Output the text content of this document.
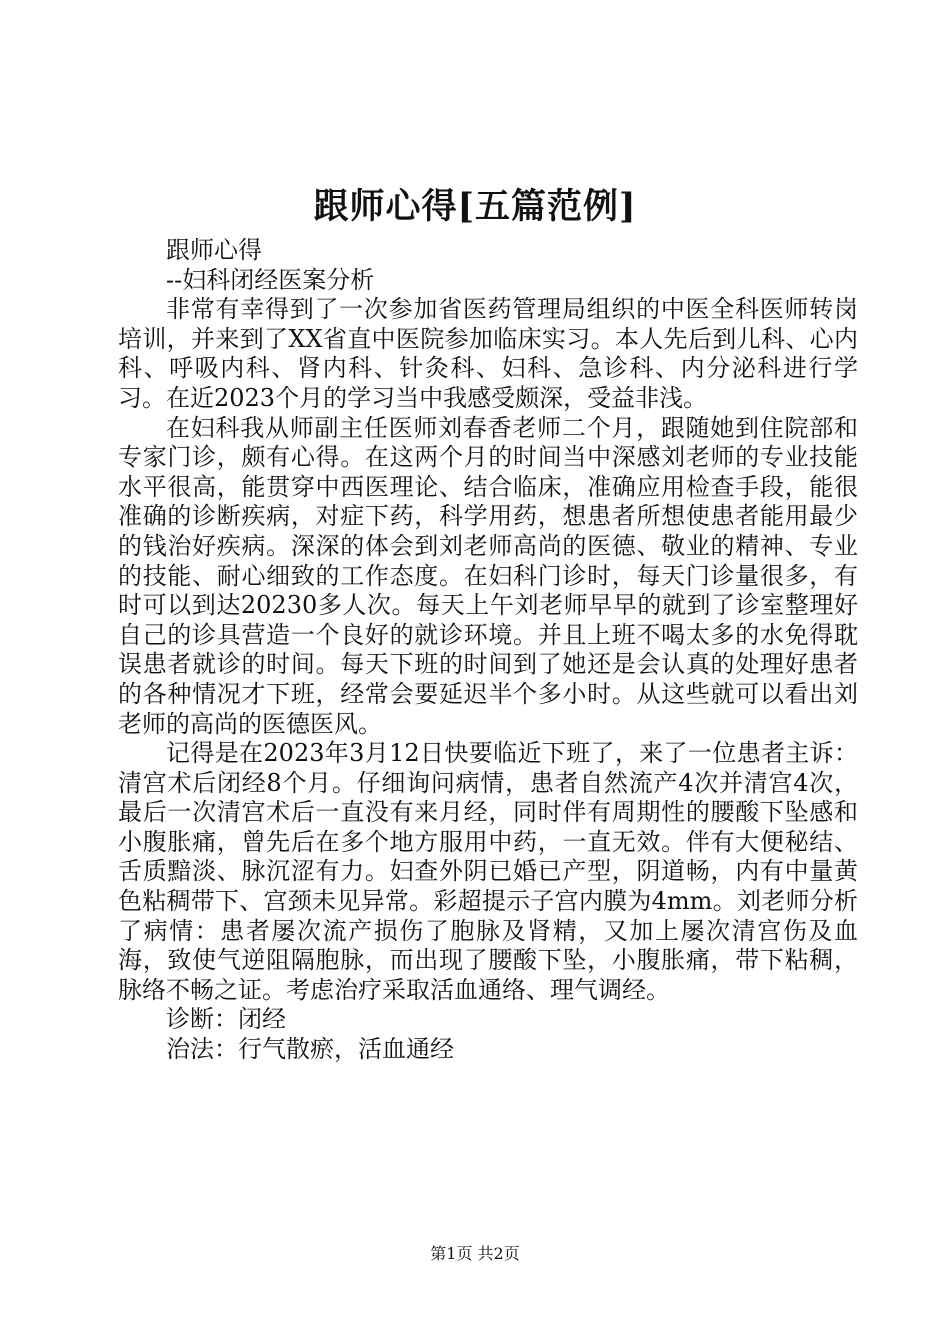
跟师心得[五篇范例]

跟师心得

--妇科闭经医案分析

非常有幸得到了一次参加省医药管理局组织的中医全科医师转岗培训，并来到了XX省直中医院参加临床实习。本人先后到儿科、心内科、呼吸内科、肾内科、针灸科、妇科、急诊科、内分泌科进行学习。在近2023个月的学习当中我感受颇深，受益非浅。

在妇科我从师副主任医师刘春香老师二个月，跟随她到住院部和专家门诊，颇有心得。在这两个月的时间当中深感刘老师的专业技能水平很高，能贯穿中西医理论、结合临床，准确应用检查手段，能很准确的诊断疾病，对症下药，科学用药，想患者所想使患者能用最少的钱治好疾病。深深的体会到刘老师高尚的医德、敬业的精神、专业的技能、耐心细致的工作态度。在妇科门诊时，每天门诊量很多，有时可以到达20230多人次。每天上午刘老师早早的就到了诊室整理好自己的诊具营造一个良好的就诊环境。并且上班不喝太多的水免得耽误患者就诊的时间。每天下班的时间到了她还是会认真的处理好患者的各种情况才下班，经常会要延迟半个多小时。从这些就可以看出刘老师的高尚的医德医风。

记得是在2023年3月12日快要临近下班了，来了一位患者主诉：清宫术后闭经8个月。仔细询问病情，患者自然流产4次并清宫4次，最后一次清宫术后一直没有来月经，同时伴有周期性的腰酸下坠感和小腹胀痛，曾先后在多个地方服用中药，一直无效。伴有大便秘结、舌质黯淡、脉沉涩有力。妇查外阴已婚已产型，阴道畅，内有中量黄色粘稠带下、宫颈未见异常。彩超提示子宫内膜为4mm。刘老师分析了病情：患者屡次流产损伤了胞脉及肾精，又加上屡次清宫伤及血海，致使气逆阻隔胞脉，而出现了腰酸下坠，小腹胀痛，带下粘稠，脉络不畅之证。考虑治疗采取活血通络、理气调经。

诊断：闭经

治法：行气散瘀，活血通经

第1页 共2页
